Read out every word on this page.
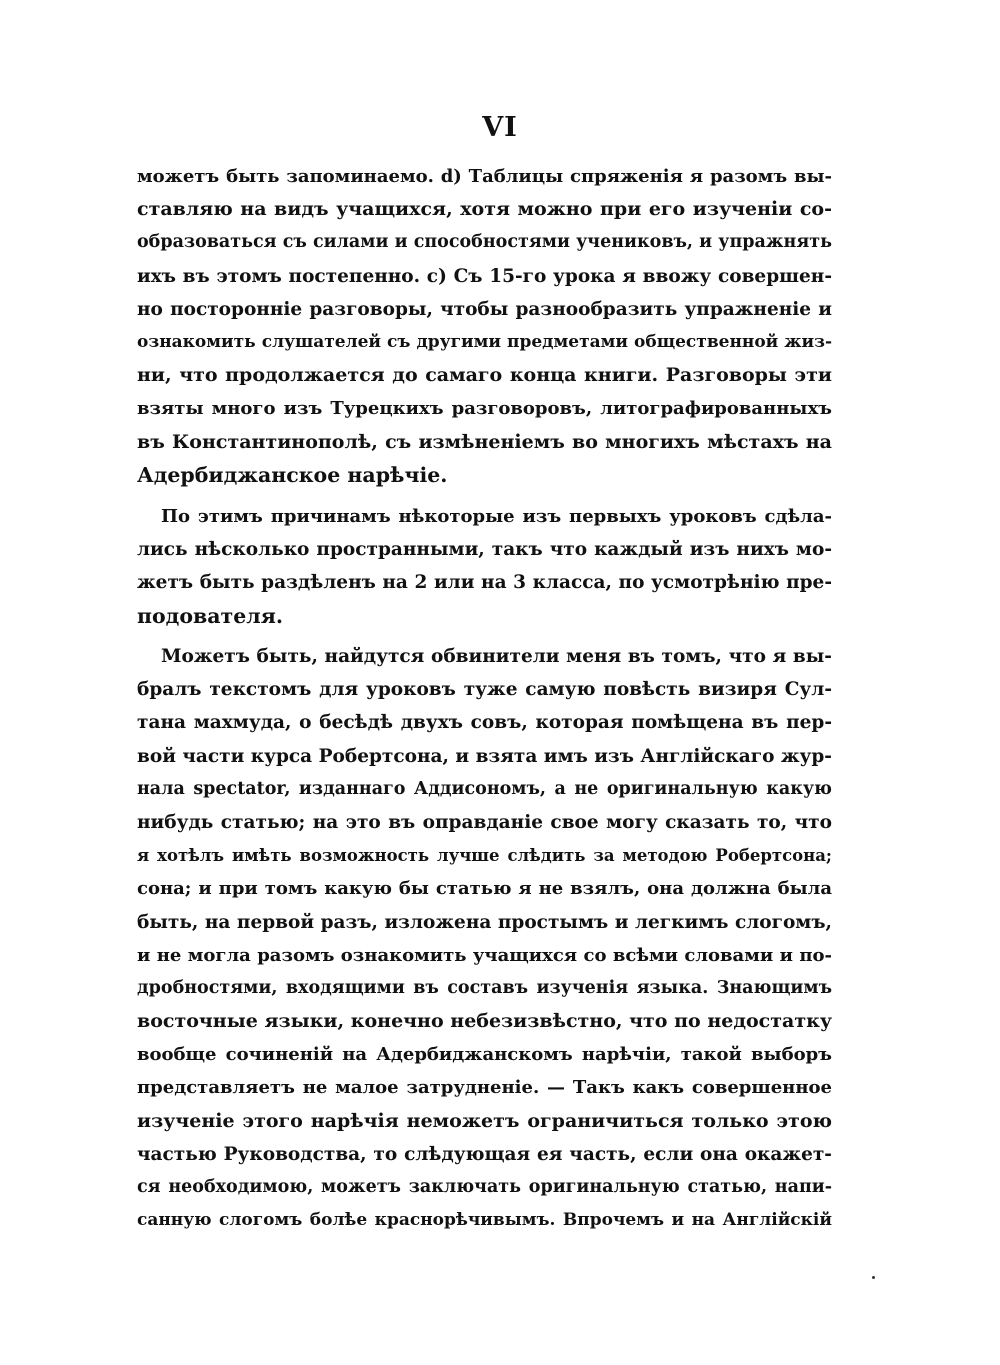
VI
можетъ быть запоминаемо. d) Таблицы спряженія я разомъ вы-
ставляю на видъ учащихся, хотя можно при его изученіи со-
образоваться съ силами и способностями учениковъ, и упражнять
ихъ въ этомъ постепенно. c) Съ 15-го урока я ввожу совершен-
но посторонніе разговоры, чтобы разнообразить упражненіе и
ознакомить слушателей съ другими предметами общественной жиз-
ни, что продолжается до самаго конца книги. Разговоры эти
взяты много изъ Турецкихъ разговоровъ, литографированныхъ
въ Константинополѣ, съ измѣненіемъ во многихъ мѣстахъ на
Адербиджанское нарѣчіе.
По этимъ причинамъ нѣкоторые изъ первыхъ уроковъ сдѣла-
лись нѣсколько пространными, такъ что каждый изъ нихъ мо-
жетъ быть раздѣленъ на 2 или на 3 класса, по усмотрѣнію пре-
подователя.
Можетъ быть, найдутся обвинители меня въ томъ, что я вы-
бралъ текстомъ для уроковъ туже самую повѣсть визиря Сул-
тана махмуда, о бесѣдѣ двухъ совъ, которая помѣщена въ пер-
вой части курса Робертсона, и взята имъ изъ Англійскаго жур-
нала spectator, изданнаго Аддисономъ, а не оригинальную какую
нибудь статью; на это въ оправданіе свое могу сказать то, что
я хотѣлъ имѣть возможность лучше слѣдить за методою Робертсона;
сона; и при томъ какую бы статью я не взялъ, она должна была
быть, на первой разъ, изложена простымъ и легкимъ слогомъ,
и не могла разомъ ознакомить учащихся со всѣми словами и по-
дробностями, входящими въ составъ изученія языка. Знающимъ
восточные языки, конечно небезизвѣстно, что по недостатку
вообще сочиненій на Адербиджанскомъ нарѣчіи, такой выборъ
представляетъ не малое затрудненіе. — Такъ какъ совершенное
изученіе этого нарѣчія неможетъ ограничиться только этою
частью Руководства, то слѣдующая ея часть, если она окажет-
ся необходимою, можетъ заключать оригинальную статью, напи-
санную слогомъ болѣе краснорѣчивымъ. Впрочемъ и на Англійскій
